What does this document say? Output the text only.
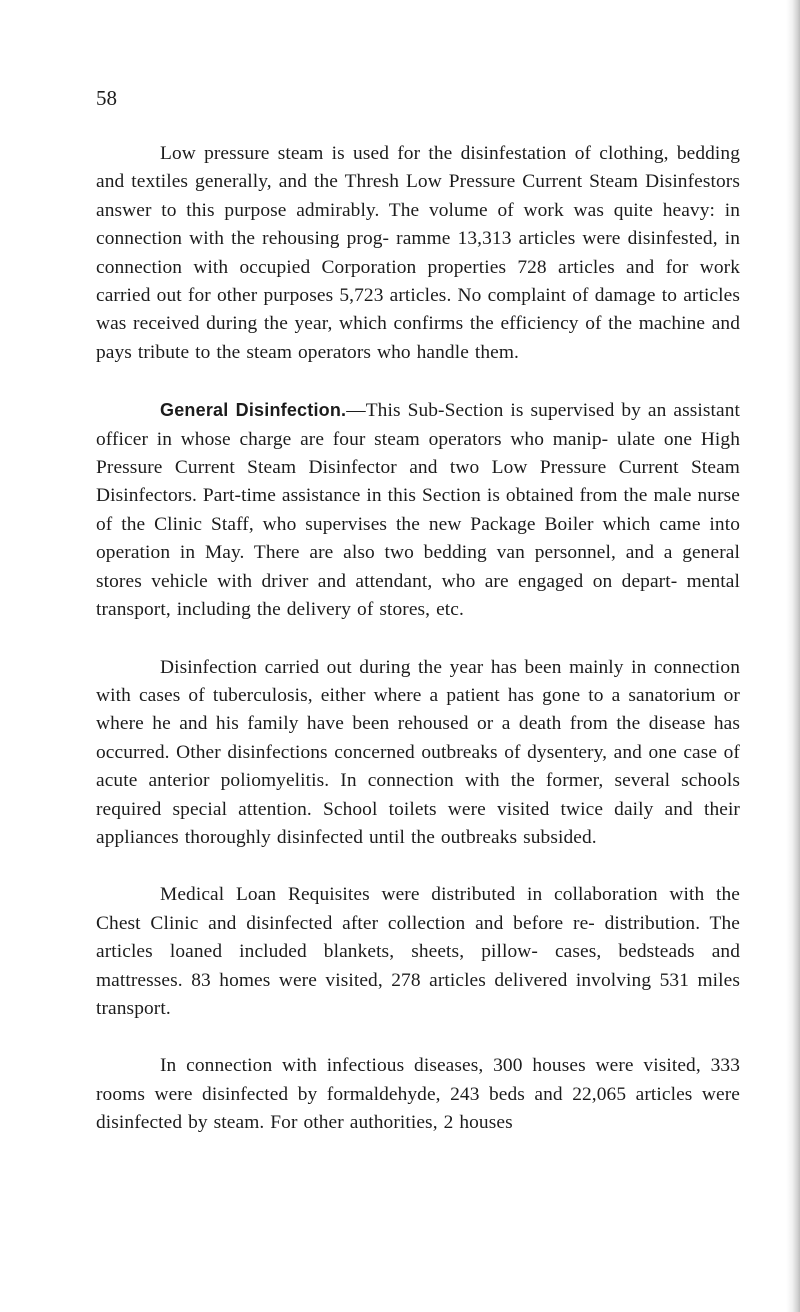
58

Low pressure steam is used for the disinfestation of clothing, bedding and textiles generally, and the Thresh Low Pressure Current Steam Disinfestors answer to this purpose admirably. The volume of work was quite heavy: in connection with the rehousing prog- ramme 13,313 articles were disinfested, in connection with occupied Corporation properties 728 articles and for work carried out for other purposes 5,723 articles. No complaint of damage to articles was received during the year, which confirms the efficiency of the machine and pays tribute to the steam operators who handle them.

General Disinfection.—This Sub-Section is supervised by an assistant officer in whose charge are four steam operators who manip- ulate one High Pressure Current Steam Disinfector and two Low Pressure Current Steam Disinfectors. Part-time assistance in this Section is obtained from the male nurse of the Clinic Staff, who supervises the new Package Boiler which came into operation in May. There are also two bedding van personnel, and a general stores vehicle with driver and attendant, who are engaged on depart- mental transport, including the delivery of stores, etc.

Disinfection carried out during the year has been mainly in connection with cases of tuberculosis, either where a patient has gone to a sanatorium or where he and his family have been rehoused or a death from the disease has occurred. Other disinfections concerned outbreaks of dysentery, and one case of acute anterior poliomyelitis. In connection with the former, several schools required special attention. School toilets were visited twice daily and their appliances thoroughly disinfected until the outbreaks subsided.

Medical Loan Requisites were distributed in collaboration with the Chest Clinic and disinfected after collection and before re- distribution. The articles loaned included blankets, sheets, pillow- cases, bedsteads and mattresses. 83 homes were visited, 278 articles delivered involving 531 miles transport.

In connection with infectious diseases, 300 houses were visited, 333 rooms were disinfected by formaldehyde, 243 beds and 22,065 articles were disinfected by steam. For other authorities, 2 houses
